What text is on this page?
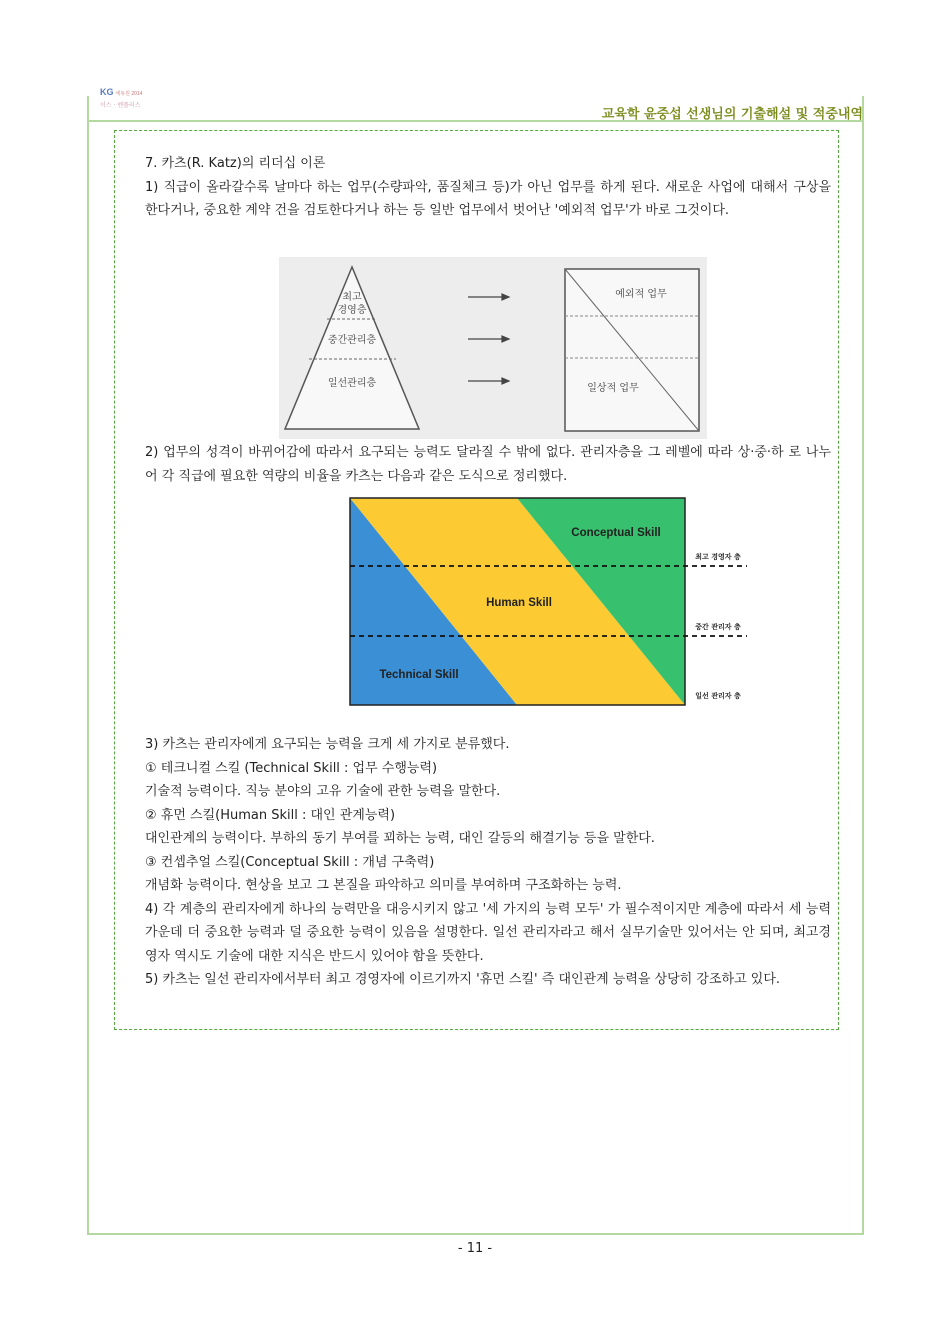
KG 에듀원 2014
이스 · 벤플러스
교육학 윤중섭 선생님의 기출해설 및 적중내역

7. 카츠(R. Katz)의 리더십 이론

1) 직급이 올라갈수록 날마다 하는 업무(수량파악, 품질체크 등)가 아닌 업무를 하게 된다. 새로운 사업에 대해서 구상을 한다거나, 중요한 계약 건을 검토한다거나 하는 등 일반 업무에서 벗어난 '예외적 업무'가 바로 그것이다.

최고
경영층
중간관리층
일선관리층
예외적 업무
일상적 업무

2) 업무의 성격이 바뀌어감에 따라서 요구되는 능력도 달라질 수 밖에 없다. 관리자층을 그 레벨에 따라 상·중·하 로 나누어 각 직급에 필요한 역량의 비율을 카츠는 다음과 같은 도식으로 정리했다.

Conceptual Skill
Human Skill
Technical Skill
최고 경영자 층
중간 관리자 층
일선 관리자 층

3) 카츠는 관리자에게 요구되는 능력을 크게 세 가지로 분류했다.

① 테크니컬 스킬 (Technical Skill : 업무 수행능력)

기술적 능력이다. 직능 분야의 고유 기술에 관한 능력을 말한다.

② 휴먼 스킬(Human Skill : 대인 관계능력)

대인관계의 능력이다. 부하의 동기 부여를 꾀하는 능력, 대인 갈등의 해결기능 등을 말한다.

③ 컨셉추얼 스킬(Conceptual Skill : 개념 구축력)

개념화 능력이다. 현상을 보고 그 본질을 파악하고 의미를 부여하며 구조화하는 능력.

4) 각 계층의 관리자에게 하나의 능력만을 대응시키지 않고 '세 가지의 능력 모두' 가 필수적이지만 계층에 따라서 세 능력 가운데 더 중요한 능력과 덜 중요한 능력이 있음을 설명한다. 일선 관리자라고 해서 실무기술만 있어서는 안 되며, 최고경영자 역시도 기술에 대한 지식은 반드시 있어야 함을 뜻한다.

5) 카츠는 일선 관리자에서부터 최고 경영자에 이르기까지 '휴먼 스킬' 즉 대인관계 능력을 상당히 강조하고 있다.

- 11 -
